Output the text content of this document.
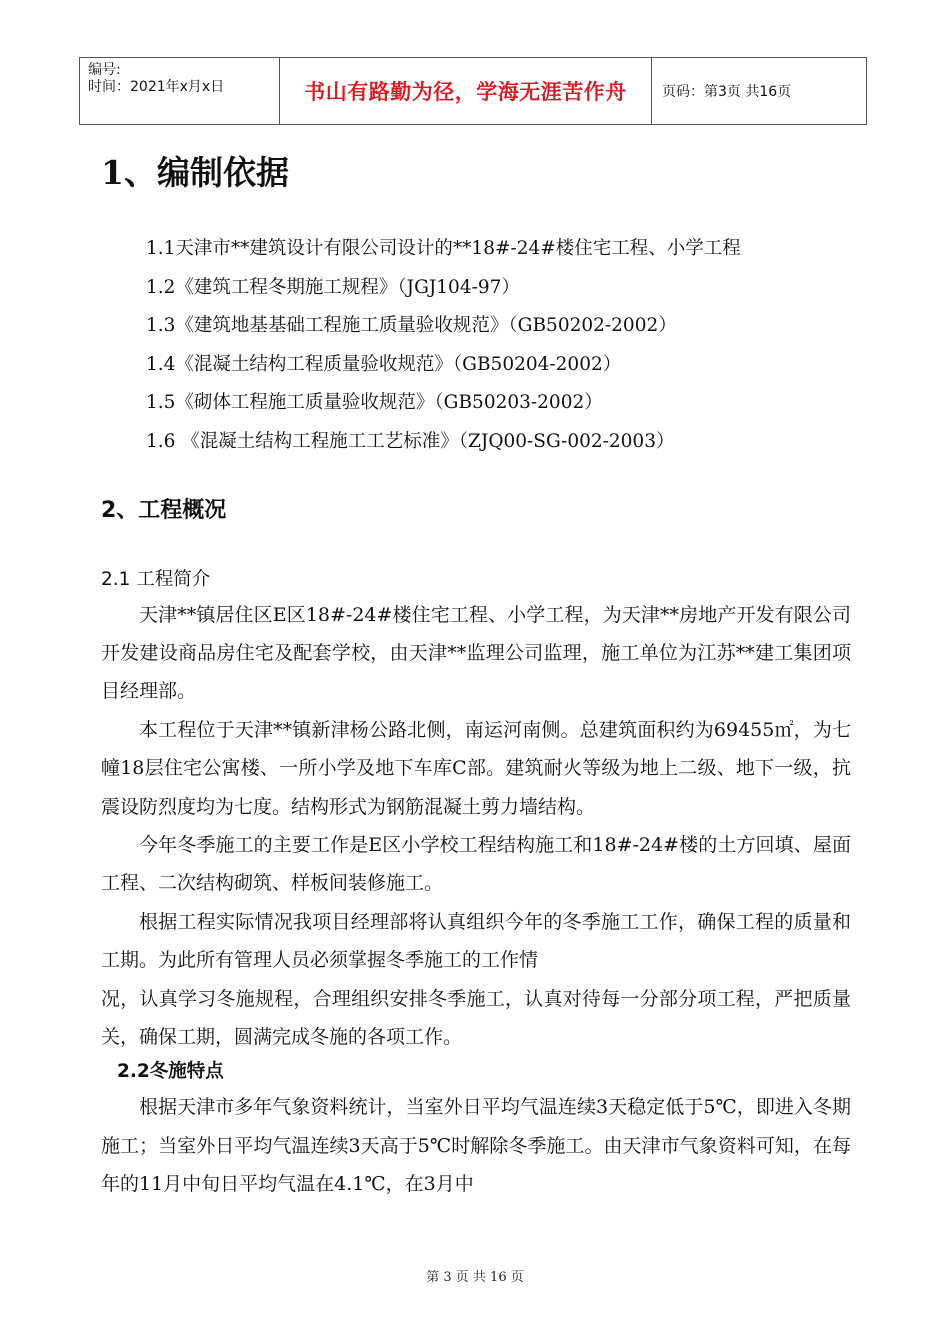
编号:
时间：2021年x月x日	书山有路勤为径，学海无涯苦作舟	页码：第3页 共16页
1、编制依据
1.1天津市**建筑设计有限公司设计的**18#-24#楼住宅工程、小学工程
1.2《建筑工程冬期施工规程》（JGJ104-97）
1.3《建筑地基基础工程施工质量验收规范》（GB50202-2002）
1.4《混凝土结构工程质量验收规范》（GB50204-2002）
1.5《砌体工程施工质量验收规范》（GB50203-2002）
1.6 《混凝土结构工程施工工艺标准》（ZJQ00-SG-002-2003）
2、工程概况
2.1 工程简介

天津**镇居住区E区18#-24#楼住宅工程、小学工程，为天津**房地产开发有限公司开发建设商品房住宅及配套学校，由天津**监理公司监理，施工单位为江苏**建工集团项目经理部。

本工程位于天津**镇新津杨公路北侧，南运河南侧。总建筑面积约为69455㎡，为七幢18层住宅公寓楼、一所小学及地下车库C部。建筑耐火等级为地上二级、地下一级，抗震设防烈度均为七度。结构形式为钢筋混凝土剪力墙结构。

今年冬季施工的主要工作是E区小学校工程结构施工和18#-24#楼的土方回填、屋面工程、二次结构砌筑、样板间装修施工。

根据工程实际情况我项目经理部将认真组织今年的冬季施工工作，确保工程的质量和工期。为此所有管理人员必须掌握冬季施工的工作情

况，认真学习冬施规程，合理组织安排冬季施工，认真对待每一分部分项工程，严把质量关，确保工期，圆满完成冬施的各项工作。

2.2冬施特点

根据天津市多年气象资料统计，当室外日平均气温连续3天稳定低于5℃，即进入冬期施工；当室外日平均气温连续3天高于5℃时解除冬季施工。由天津市气象资料可知，在每年的11月中旬日平均气温在4.1℃，在3月中

第 3 页 共 16 页
